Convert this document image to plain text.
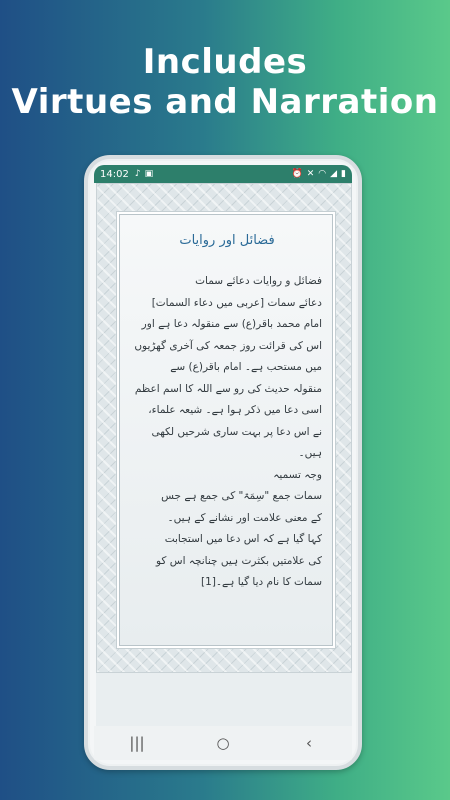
Includes
Virtues and Narration
14:02 ♪ ▣	⏰ ✕ ◠ ◢ ▮
فضائل اور روایات
فضائل و روایات دعائے سمات
دعائے سمات [عربی میں دعاء السمات]
امام محمد باقر(ع) سے منقولہ دعا ہے اور
اس کی قرائت روز جمعہ کی آخری گھڑیوں
میں مستحب ہے۔ امام باقر(ع) سے
منقولہ حدیث کی رو سے اللہ کا اسم اعظم
اسی دعا میں ذکر ہوا ہے۔ شیعہ علماء،
نے اس دعا پر بہت ساری شرحیں لکھی
ہیں۔
وجہ تسمیہ
سمات جمع "سِمَۃ" کی جمع ہے جس
کے معنی علامت اور نشانے کے ہیں۔
کہا گیا ہے کہ اس دعا میں استجابت
کی علامتیں بکثرت ہیں چنانچہ اس کو
سمات کا نام دیا گیا ہے۔[1]
|||	○	‹
